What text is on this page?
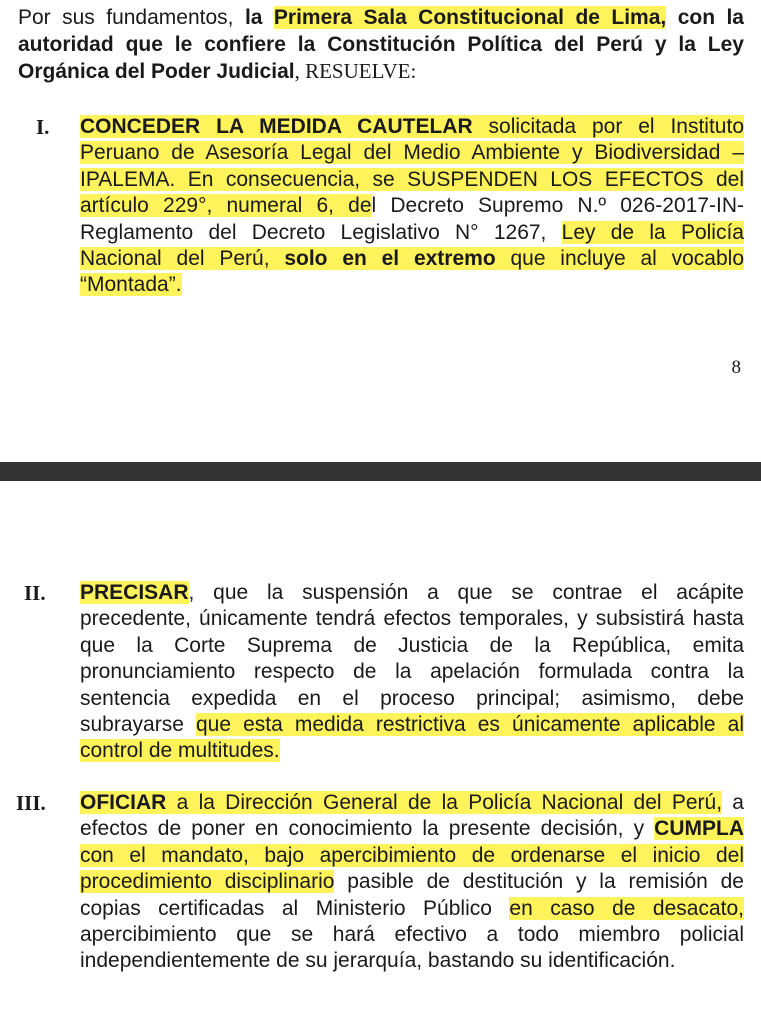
Por sus fundamentos, la Primera Sala Constitucional de Lima, con la autoridad que le confiere la Constitución Política del Perú y la Ley Orgánica del Poder Judicial, RESUELVE:

I. CONCEDER LA MEDIDA CAUTELAR solicitada por el Instituto Peruano de Asesoría Legal del Medio Ambiente y Biodiversidad – IPALEMA. En consecuencia, se SUSPENDEN LOS EFECTOS del artículo 229°, numeral 6, del Decreto Supremo N.º 026-2017-IN-Reglamento del Decreto Legislativo N° 1267, Ley de la Policía Nacional del Perú, solo en el extremo que incluye al vocablo “Montada”.

8
II. PRECISAR, que la suspensión a que se contrae el acápite precedente, únicamente tendrá efectos temporales, y subsistirá hasta que la Corte Suprema de Justicia de la República, emita pronunciamiento respecto de la apelación formulada contra la sentencia expedida en el proceso principal; asimismo, debe subrayarse que esta medida restrictiva es únicamente aplicable al control de multitudes.

III. OFICIAR a la Dirección General de la Policía Nacional del Perú, a efectos de poner en conocimiento la presente decisión, y CUMPLA con el mandato, bajo apercibimiento de ordenarse el inicio del procedimiento disciplinario pasible de destitución y la remisión de copias certificadas al Ministerio Público en caso de desacato, apercibimiento que se hará efectivo a todo miembro policial independientemente de su jerarquía, bastando su identificación.
